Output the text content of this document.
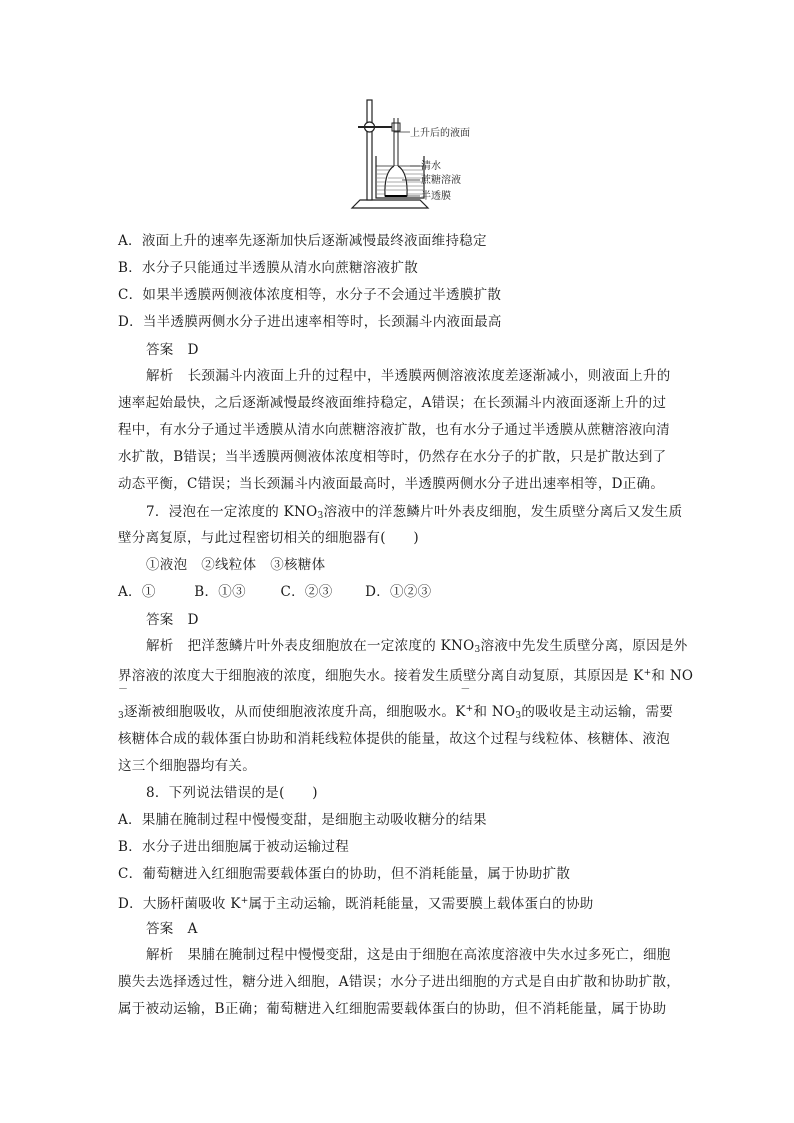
上升后的液面
清水
蔗糖溶液
半透膜
A．液面上升的速率先逐渐加快后逐渐减慢最终液面维持稳定
B．水分子只能通过半透膜从清水向蔗糖溶液扩散
C．如果半透膜两侧液体浓度相等，水分子不会通过半透膜扩散
D．当半透膜两侧水分子进出速率相等时，长颈漏斗内液面最高
答案 D
解析 长颈漏斗内液面上升的过程中，半透膜两侧溶液浓度差逐渐减小，则液面上升的
速率起始最快，之后逐渐减慢最终液面维持稳定，A错误；在长颈漏斗内液面逐渐上升的过
程中，有水分子通过半透膜从清水向蔗糖溶液扩散，也有水分子通过半透膜从蔗糖溶液向清
水扩散，B错误；当半透膜两侧液体浓度相等时，仍然存在水分子的扩散，只是扩散达到了
动态平衡，C错误；当长颈漏斗内液面最高时，半透膜两侧水分子进出速率相等，D正确。
7．浸泡在一定浓度的 $KNO_3$溶液中的洋葱鳞片叶外表皮细胞，发生质壁分离后又发生质
壁分离复原，与此过程密切相关的细胞器有(　　)
①液泡　②线粒体　③核糖体
A．①	B．①③	C．②③ D．①②③
答案 D
解析 把洋葱鳞片叶外表皮细胞放在一定浓度的 $KNO_3$溶液中先发生质壁分离，原因是外
界溶液的浓度大于细胞液的浓度，细胞失水。接着发生质壁分离自动复原，其原因是 K+和 NO
－	－
$_3$逐渐被细胞吸收，从而使细胞液浓度升高，细胞吸水。K+和 $NO_3$的吸收是主动运输，需要
核糖体合成的载体蛋白协助和消耗线粒体提供的能量，故这个过程与线粒体、核糖体、液泡
这三个细胞器均有关。
8．下列说法错误的是(　　)
A．果脯在腌制过程中慢慢变甜，是细胞主动吸收糖分的结果
B．水分子进出细胞属于被动运输过程
C．葡萄糖进入红细胞需要载体蛋白的协助，但不消耗能量，属于协助扩散
D．大肠杆菌吸收 K+属于主动运输，既消耗能量，又需要膜上载体蛋白的协助
答案 A
解析 果脯在腌制过程中慢慢变甜，这是由于细胞在高浓度溶液中失水过多死亡，细胞
膜失去选择透过性，糖分进入细胞，A错误；水分子进出细胞的方式是自由扩散和协助扩散，
属于被动运输，B正确；葡萄糖进入红细胞需要载体蛋白的协助，但不消耗能量，属于协助
